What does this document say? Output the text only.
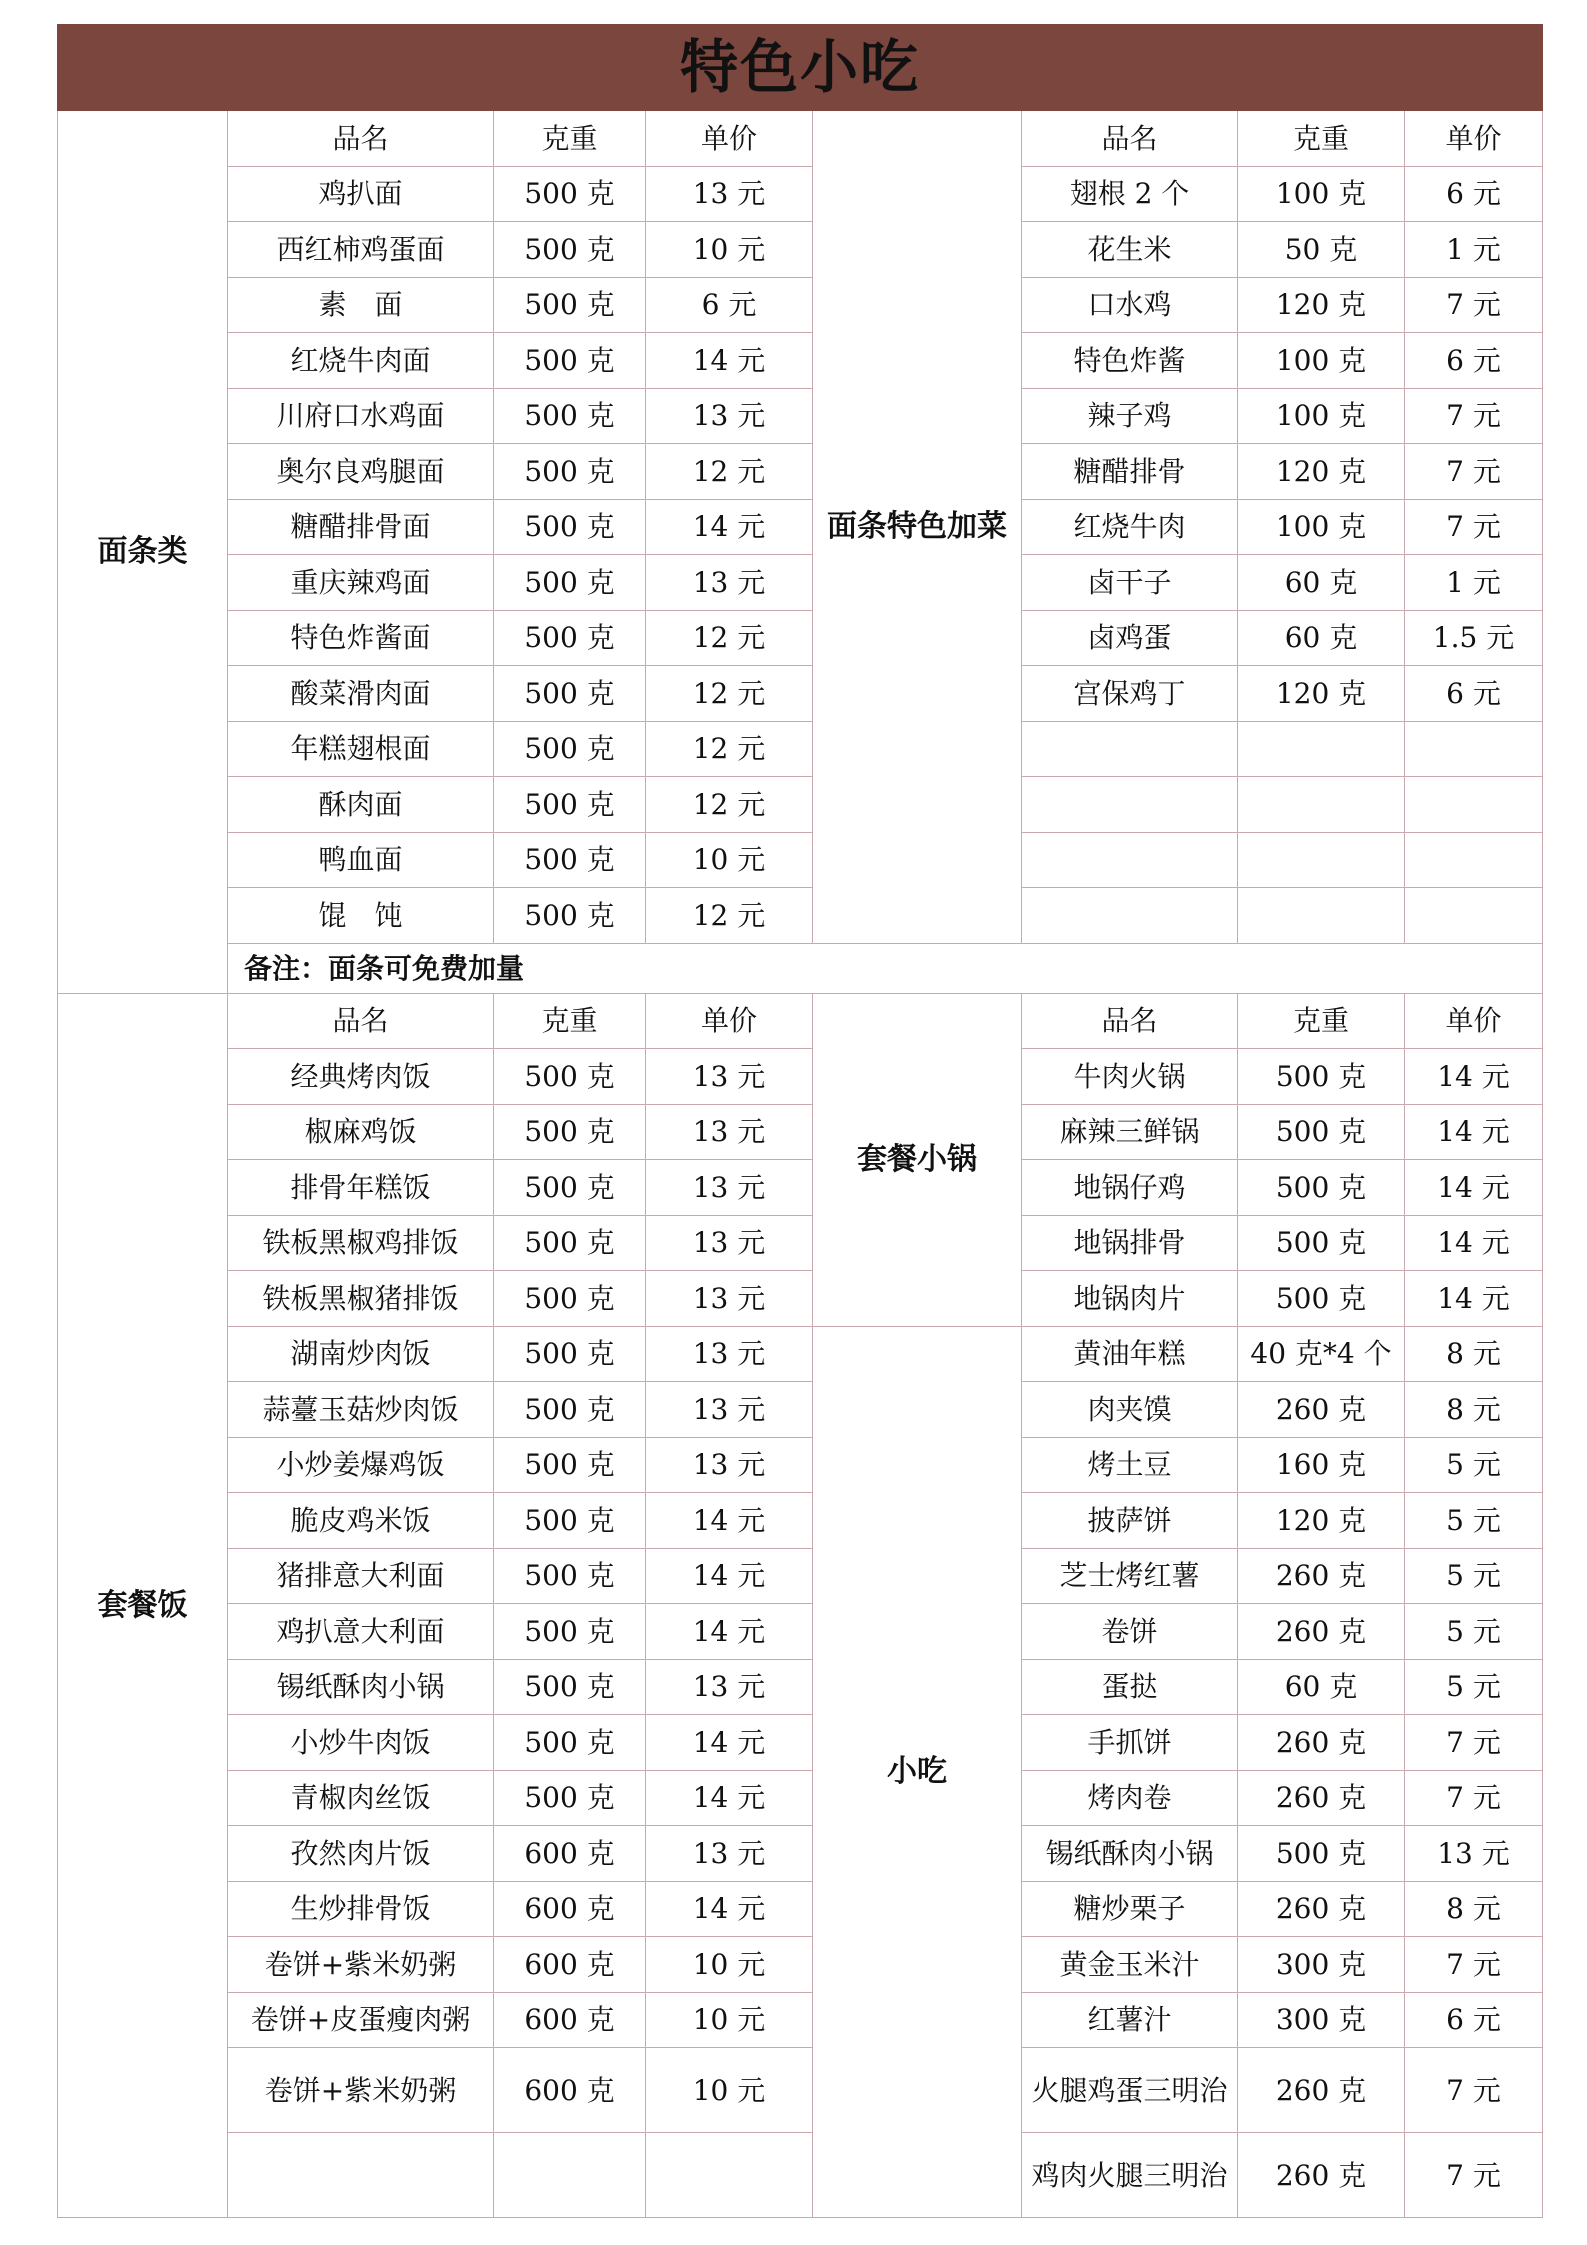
特色小吃							
面条类	品名	克重	单价	面条特色加菜	品名	克重	单价
	鸡扒面	500 克	13 元		翅根 2 个	100 克	6 元
	西红柿鸡蛋面	500 克	10 元		花生米	50 克	1 元
	素　面	500 克	6 元		口水鸡	120 克	7 元
	红烧牛肉面	500 克	14 元		特色炸酱	100 克	6 元
	川府口水鸡面	500 克	13 元		辣子鸡	100 克	7 元
	奥尔良鸡腿面	500 克	12 元		糖醋排骨	120 克	7 元
	糖醋排骨面	500 克	14 元		红烧牛肉	100 克	7 元
	重庆辣鸡面	500 克	13 元		卤干子	60 克	1 元
	特色炸酱面	500 克	12 元		卤鸡蛋	60 克	1.5 元
	酸菜滑肉面	500 克	12 元		宫保鸡丁	120 克	6 元
	年糕翅根面	500 克	12 元				
	酥肉面	500 克	12 元				
	鸭血面	500 克	10 元				
	馄　饨	500 克	12 元				
	备注：面条可免费加量						
套餐饭	品名	克重	单价	套餐小锅	品名	克重	单价
	经典烤肉饭	500 克	13 元		牛肉火锅	500 克	14 元
	椒麻鸡饭	500 克	13 元		麻辣三鲜锅	500 克	14 元
	排骨年糕饭	500 克	13 元		地锅仔鸡	500 克	14 元
	铁板黑椒鸡排饭	500 克	13 元		地锅排骨	500 克	14 元
	铁板黑椒猪排饭	500 克	13 元		地锅肉片	500 克	14 元
	湖南炒肉饭	500 克	13 元	小吃	黄油年糕	40 克*4 个	8 元
	蒜薹玉菇炒肉饭	500 克	13 元		肉夹馍	260 克	8 元
	小炒姜爆鸡饭	500 克	13 元		烤土豆	160 克	5 元
	脆皮鸡米饭	500 克	14 元		披萨饼	120 克	5 元
	猪排意大利面	500 克	14 元		芝士烤红薯	260 克	5 元
	鸡扒意大利面	500 克	14 元		卷饼	260 克	5 元
	锡纸酥肉小锅	500 克	13 元		蛋挞	60 克	5 元
	小炒牛肉饭	500 克	14 元		手抓饼	260 克	7 元
	青椒肉丝饭	500 克	14 元		烤肉卷	260 克	7 元
	孜然肉片饭	600 克	13 元		锡纸酥肉小锅	500 克	13 元
	生炒排骨饭	600 克	14 元		糖炒栗子	260 克	8 元
	卷饼+紫米奶粥	600 克	10 元		黄金玉米汁	300 克	7 元
	卷饼+皮蛋瘦肉粥	600 克	10 元		红薯汁	300 克	6 元
	卷饼+紫米奶粥	600 克	10 元		火腿鸡蛋三明治	260 克	7 元
					鸡肉火腿三明治	260 克	7 元
